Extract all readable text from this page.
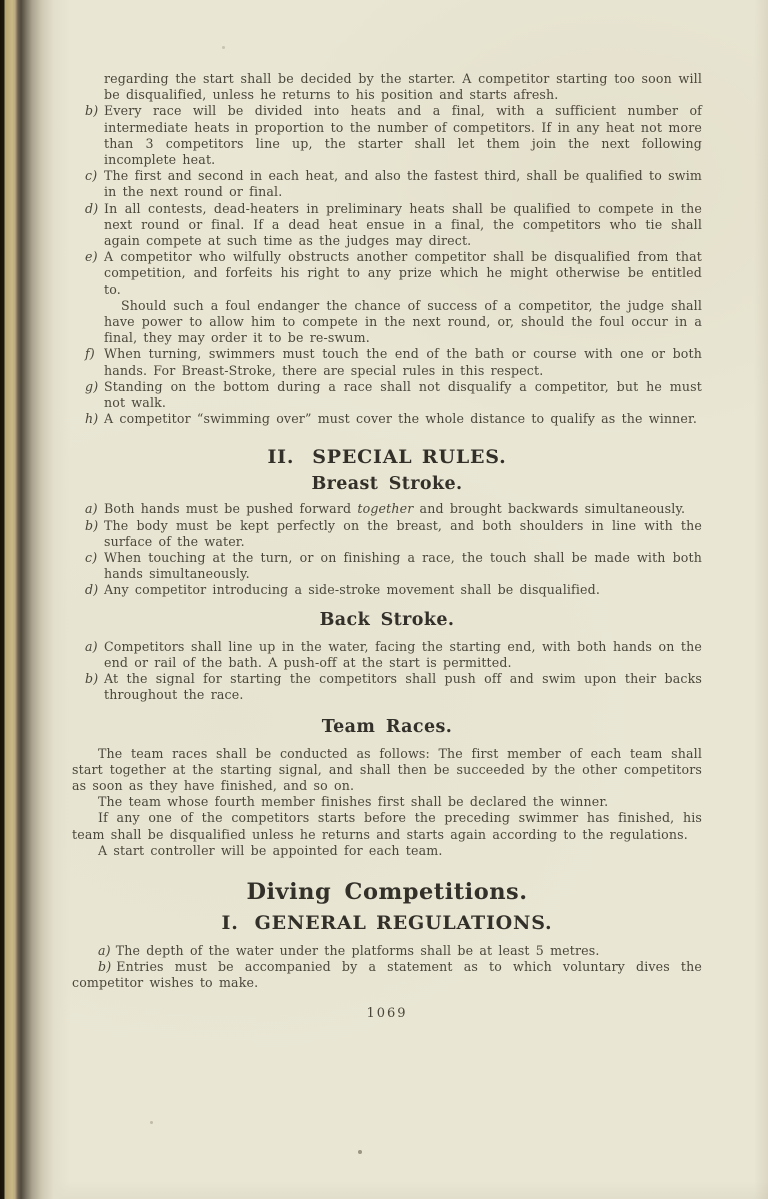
regarding the start shall be decided by the starter. A competitor starting too soon will be disqualified, unless he returns to his position and starts afresh.

b) Every race will be divided into heats and a final, with a sufficient number of intermediate heats in proportion to the number of competitors. If in any heat not more than 3 competitors line up, the starter shall let them join the next following incomplete heat.

c) The first and second in each heat, and also the fastest third, shall be qualified to swim in the next round or final.

d) In all contests, dead-heaters in preliminary heats shall be qualified to compete in the next round or final. If a dead heat ensue in a final, the competitors who tie shall again compete at such time as the judges may direct.

e) A competitor who wilfully obstructs another competitor shall be disqualified from that competition, and forfeits his right to any prize which he might otherwise be entitled to.

Should such a foul endanger the chance of success of a competitor, the judge shall have power to allow him to compete in the next round, or, should the foul occur in a final, they may order it to be re-swum.

f) When turning, swimmers must touch the end of the bath or course with one or both hands. For Breast-Stroke, there are special rules in this respect.

g) Standing on the bottom during a race shall not disqualify a competitor, but he must not walk.

h) A competitor “swimming over” must cover the whole distance to qualify as the winner.

II. SPECIAL RULES.
Breast Stroke.

a) Both hands must be pushed forward together and brought backwards simultaneously.

b) The body must be kept perfectly on the breast, and both shoulders in line with the surface of the water.

c) When touching at the turn, or on finishing a race, the touch shall be made with both hands simultaneously.

d) Any competitor introducing a side-stroke movement shall be disqualified.

Back Stroke.

a) Competitors shall line up in the water, facing the starting end, with both hands on the end or rail of the bath. A push-off at the start is permitted.

b) At the signal for starting the competitors shall push off and swim upon their backs throughout the race.

Team Races.

The team races shall be conducted as follows: The first member of each team shall start together at the starting signal, and shall then be succeeded by the other competitors as soon as they have finished, and so on.

The team whose fourth member finishes first shall be declared the winner.

If any one of the competitors starts before the preceding swimmer has finished, his team shall be disqualified unless he returns and starts again according to the regulations.

A start controller will be appointed for each team.

Diving Competitions.
I. GENERAL REGULATIONS.

a) The depth of the water under the platforms shall be at least 5 metres.

b) Entries must be accompanied by a statement as to which voluntary dives the competitor wishes to make.

1069
